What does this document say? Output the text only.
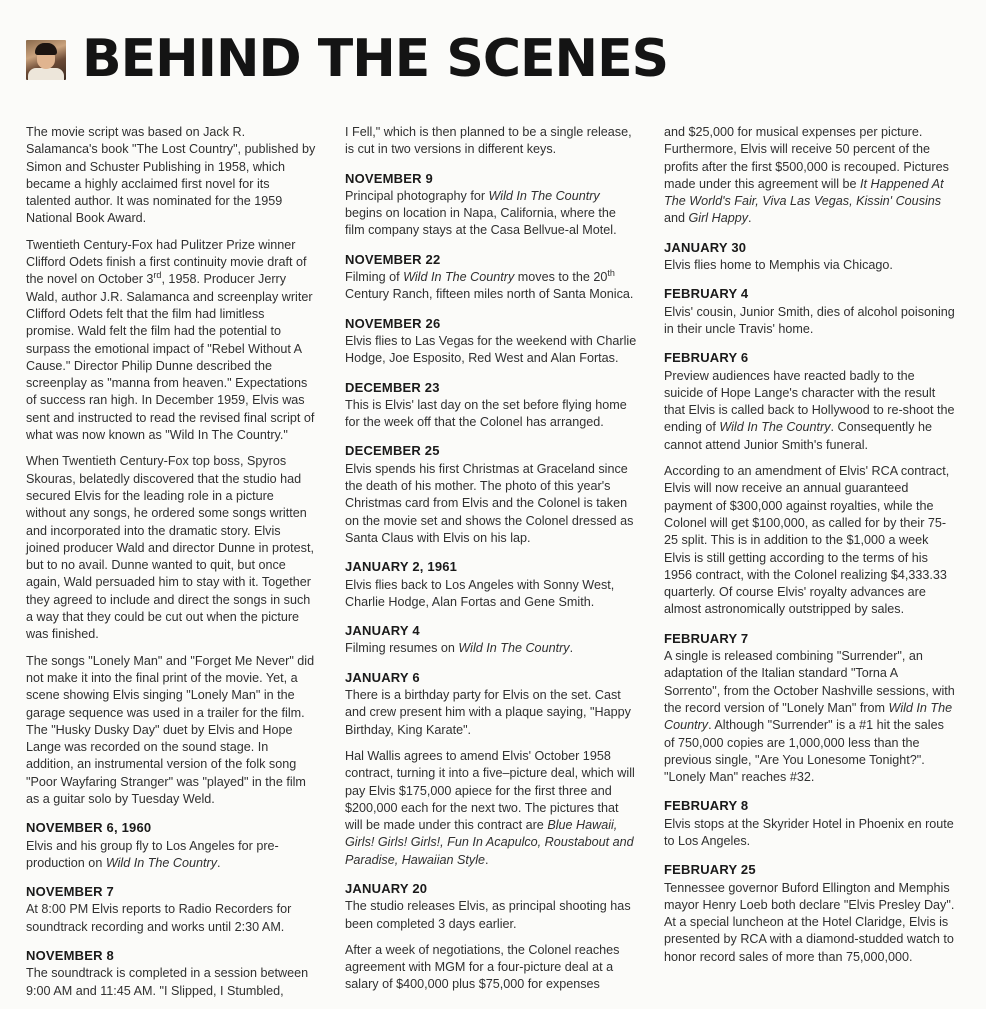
BEHIND THE SCENES

The movie script was based on Jack R. Salamanca's book "The Lost Country", published by Simon and Schuster Publishing in 1958, which became a highly acclaimed first novel for its talented author. It was nominated for the 1959 National Book Award.

Twentieth Century-Fox had Pulitzer Prize winner Clifford Odets finish a first continuity movie draft of the novel on October 3rd, 1958. Producer Jerry Wald, author J.R. Salamanca and screenplay writer Clifford Odets felt that the film had limitless promise. Wald felt the film had the potential to surpass the emotional impact of "Rebel Without A Cause." Director Philip Dunne described the screenplay as "manna from heaven." Expectations of success ran high. In December 1959, Elvis was sent and instructed to read the revised final script of what was now known as "Wild In The Country."

When Twentieth Century-Fox top boss, Spyros Skouras, belatedly discovered that the studio had secured Elvis for the leading role in a picture without any songs, he ordered some songs written and incorporated into the dramatic story. Elvis joined producer Wald and director Dunne in protest, but to no avail. Dunne wanted to quit, but once again, Wald persuaded him to stay with it. Together they agreed to include and direct the songs in such a way that they could be cut out when the picture was finished.

The songs "Lonely Man" and "Forget Me Never" did not make it into the final print of the movie. Yet, a scene showing Elvis singing "Lonely Man" in the garage sequence was used in a trailer for the film. The "Husky Dusky Day" duet by Elvis and Hope Lange was recorded on the sound stage. In addition, an instrumental version of the folk song "Poor Wayfaring Stranger" was "played" in the film as a guitar solo by Tuesday Weld.

NOVEMBER 6, 1960

Elvis and his group fly to Los Angeles for pre-production on Wild In The Country.

NOVEMBER 7

At 8:00 PM Elvis reports to Radio Recorders for soundtrack recording and works until 2:30 AM.

NOVEMBER 8

The soundtrack is completed in a session between 9:00 AM and 11:45 AM. "I Slipped, I Stumbled,

I Fell," which is then planned to be a single release, is cut in two versions in different keys.

NOVEMBER 9

Principal photography for Wild In The Country begins on location in Napa, California, where the film company stays at the Casa Bellvue-al Motel.

NOVEMBER 22

Filming of Wild In The Country moves to the 20th Century Ranch, fifteen miles north of Santa Monica.

NOVEMBER 26

Elvis flies to Las Vegas for the weekend with Charlie Hodge, Joe Esposito, Red West and Alan Fortas.

DECEMBER 23

This is Elvis' last day on the set before flying home for the week off that the Colonel has arranged.

DECEMBER 25

Elvis spends his first Christmas at Graceland since the death of his mother. The photo of this year's Christmas card from Elvis and the Colonel is taken on the movie set and shows the Colonel dressed as Santa Claus with Elvis on his lap.

JANUARY 2, 1961

Elvis flies back to Los Angeles with Sonny West, Charlie Hodge, Alan Fortas and Gene Smith.

JANUARY 4

Filming resumes on Wild In The Country.

JANUARY 6

There is a birthday party for Elvis on the set. Cast and crew present him with a plaque saying, "Happy Birthday, King Karate".

Hal Wallis agrees to amend Elvis' October 1958 contract, turning it into a five–picture deal, which will pay Elvis $175,000 apiece for the first three and $200,000 each for the next two. The pictures that will be made under this contract are Blue Hawaii, Girls! Girls! Girls!, Fun In Acapulco, Roustabout and Paradise, Hawaiian Style.

JANUARY 20

The studio releases Elvis, as principal shooting has been completed 3 days earlier.

After a week of negotiations, the Colonel reaches agreement with MGM for a four-picture deal at a salary of $400,000 plus $75,000 for expenses

and $25,000 for musical expenses per picture. Furthermore, Elvis will receive 50 percent of the profits after the first $500,000 is recouped. Pictures made under this agreement will be It Happened At The World's Fair, Viva Las Vegas, Kissin' Cousins and Girl Happy.

JANUARY 30

Elvis flies home to Memphis via Chicago.

FEBRUARY 4

Elvis' cousin, Junior Smith, dies of alcohol poisoning in their uncle Travis' home.

FEBRUARY 6

Preview audiences have reacted badly to the suicide of Hope Lange's character with the result that Elvis is called back to Hollywood to re-shoot the ending of Wild In The Country. Consequently he cannot attend Junior Smith's funeral.

According to an amendment of Elvis' RCA contract, Elvis will now receive an annual guaranteed payment of $300,000 against royalties, while the Colonel will get $100,000, as called for by their 75-25 split. This is in addition to the $1,000 a week Elvis is still getting according to the terms of his 1956 contract, with the Colonel realizing $4,333.33 quarterly. Of course Elvis' royalty advances are almost astronomically outstripped by sales.

FEBRUARY 7

A single is released combining "Surrender", an adaptation of the Italian standard "Torna A Sorrento", from the October Nashville sessions, with the record version of "Lonely Man" from Wild In The Country. Although "Surrender" is a #1 hit the sales of 750,000 copies are 1,000,000 less than the previous single, "Are You Lonesome Tonight?". "Lonely Man" reaches #32.

FEBRUARY 8

Elvis stops at the Skyrider Hotel in Phoenix en route to Los Angeles.

FEBRUARY 25

Tennessee governor Buford Ellington and Memphis mayor Henry Loeb both declare "Elvis Presley Day". At a special luncheon at the Hotel Claridge, Elvis is presented by RCA with a diamond-studded watch to honor record sales of more than 75,000,000.
